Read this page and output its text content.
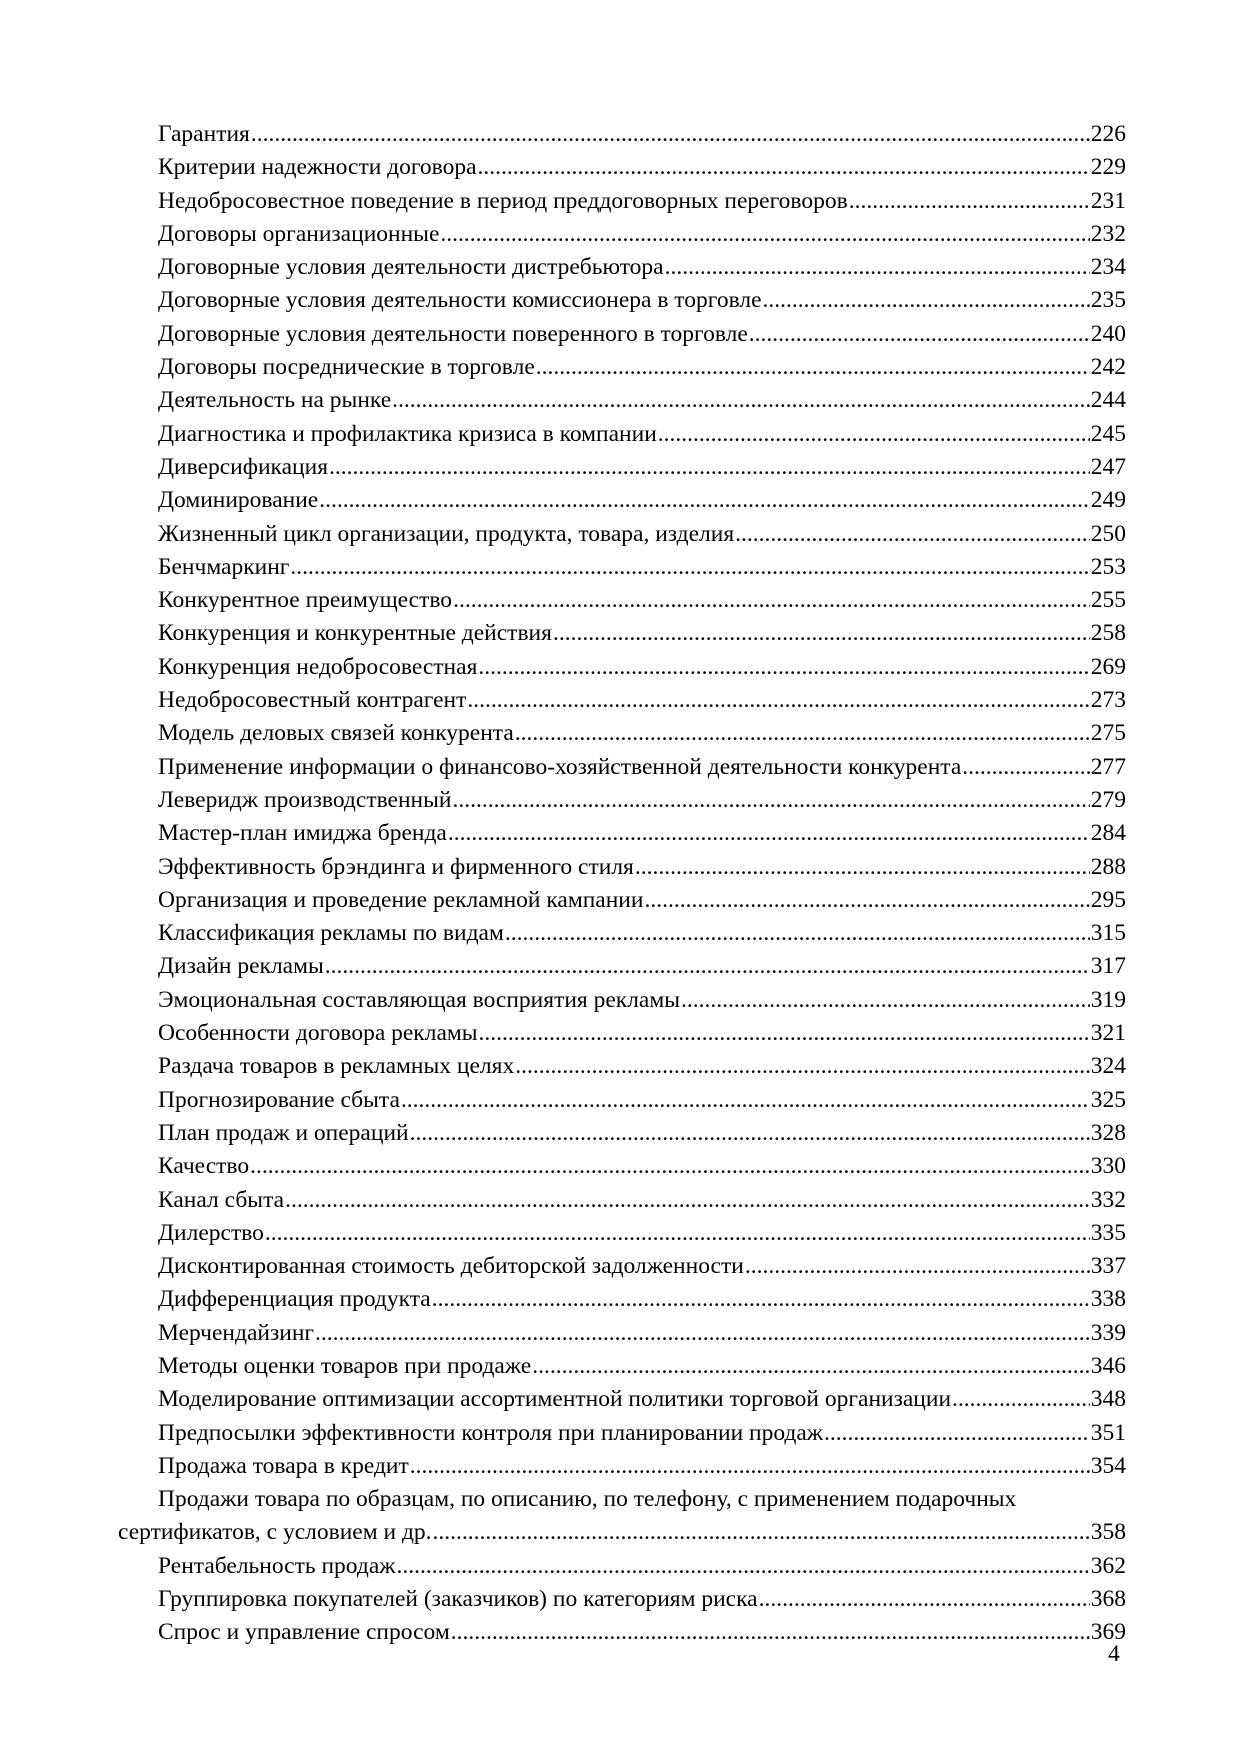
Гарантия .....	226
Критерии надежности договора .....	229
Недобросовестное поведение в период преддоговорных переговоров .....	231
Договоры организационные .....	232
Договорные условия деятельности дистребьютора .....	234
Договорные условия деятельности комиссионера в торговле .....	235
Договорные условия деятельности поверенного в торговле .....	240
Договоры посреднические в торговле .....	242
Деятельность на рынке .....	244
Диагностика и профилактика кризиса в компании .....	245
Диверсификация .....	247
Доминирование .....	249
Жизненный цикл организации, продукта, товара, изделия .....	250
Бенчмаркинг .....	253
Конкурентное преимущество .....	255
Конкуренция и конкурентные действия .....	258
Конкуренция недобросовестная .....	269
Недобросовестный контрагент .....	273
Модель деловых связей конкурента .....	275
Применение информации о финансово-хозяйственной деятельности конкурента .....	277
Леверидж производственный .....	279
Мастер-план имиджа бренда .....	284
Эффективность брэндинга и фирменного стиля .....	288
Организация и проведение рекламной кампании .....	295
Классификация рекламы по видам .....	315
Дизайн рекламы .....	317
Эмоциональная составляющая восприятия рекламы .....	319
Особенности договора рекламы .....	321
Раздача товаров в рекламных целях .....	324
Прогнозирование сбыта .....	325
План продаж и операций .....	328
Качество .....	330
Канал сбыта .....	332
Дилерство .....	335
Дисконтированная стоимость дебиторской задолженности .....	337
Дифференциация продукта .....	338
Мерчендайзинг .....	339
Методы оценки товаров при продаже .....	346
Моделирование оптимизации ассортиментной политики торговой организации .....	348
Предпосылки эффективности контроля при планировании продаж .....	351
Продажа товара в кредит .....	354
Продажи товара по образцам, по описанию, по телефону, с применением подарочных
сертификатов, с условием и др. .....	358
Рентабельность продаж .....	362
Группировка покупателей (заказчиков) по категориям риска .....	368
Спрос и управление спросом .....	369
4
